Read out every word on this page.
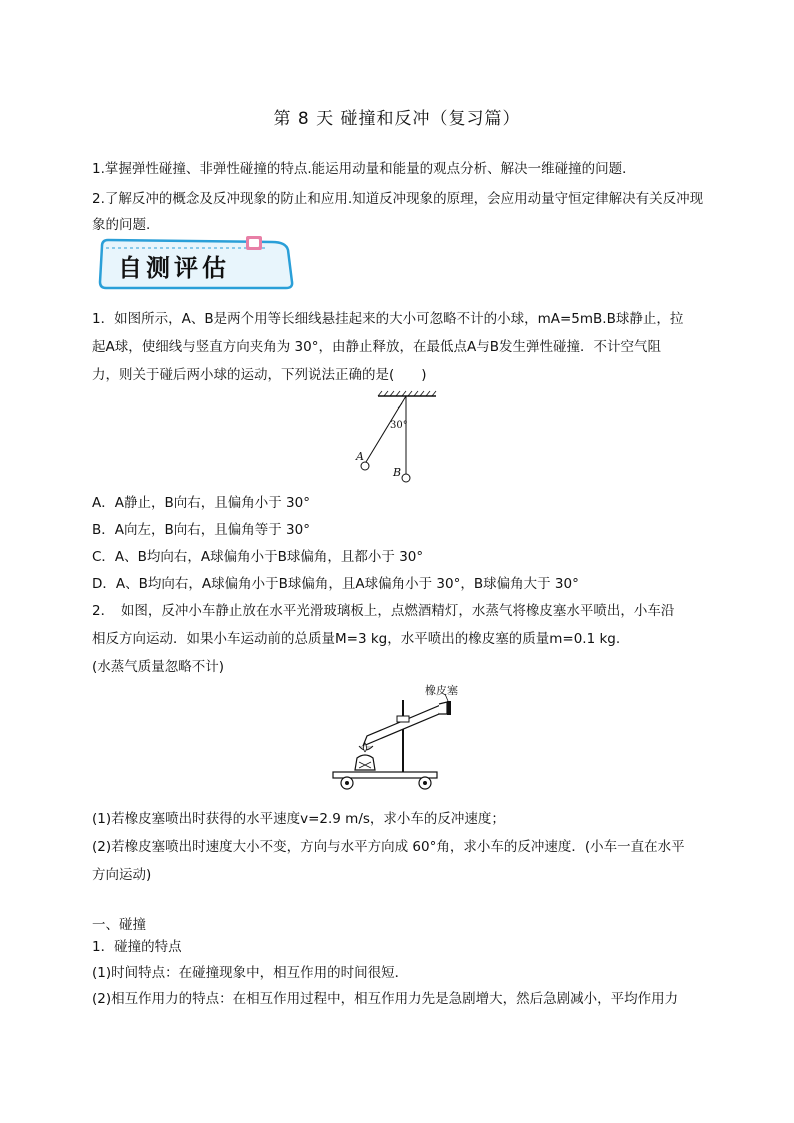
第 8 天 碰撞和反冲（复习篇）
1.掌握弹性碰撞、非弹性碰撞的特点.能运用动量和能量的观点分析、解决一维碰撞的问题．
2.了解反冲的概念及反冲现象的防止和应用.知道反冲现象的原理，会应用动量守恒定律解决有关反冲现象的问题.
自测评估
1．如图所示，A、B是两个用等长细线悬挂起来的大小可忽略不计的小球，mA=5mB.B球静止，拉
起A球，使细线与竖直方向夹角为 30°，由静止释放，在最低点A与B发生弹性碰撞．不计空气阻
力，则关于碰后两小球的运动，下列说法正确的是(　　)
30°
A
B
A．A静止，B向右，且偏角小于 30°
B．A向左，B向右，且偏角等于 30°
C．A、B均向右，A球偏角小于B球偏角，且都小于 30°
D．A、B均向右，A球偏角小于B球偏角，且A球偏角小于 30°，B球偏角大于 30°
2．　如图，反冲小车静止放在水平光滑玻璃板上，点燃酒精灯，水蒸气将橡皮塞水平喷出，小车沿
相反方向运动．如果小车运动前的总质量M=3 kg，水平喷出的橡皮塞的质量m=0.1 kg.
(水蒸气质量忽略不计)
橡皮塞
(1)若橡皮塞喷出时获得的水平速度v=2.9 m/s，求小车的反冲速度；
(2)若橡皮塞喷出时速度大小不变，方向与水平方向成 60°角，求小车的反冲速度．(小车一直在水平
方向运动)
一、碰撞
1．碰撞的特点
(1)时间特点：在碰撞现象中，相互作用的时间很短．
(2)相互作用力的特点：在相互作用过程中，相互作用力先是急剧增大，然后急剧减小，平均作用力
